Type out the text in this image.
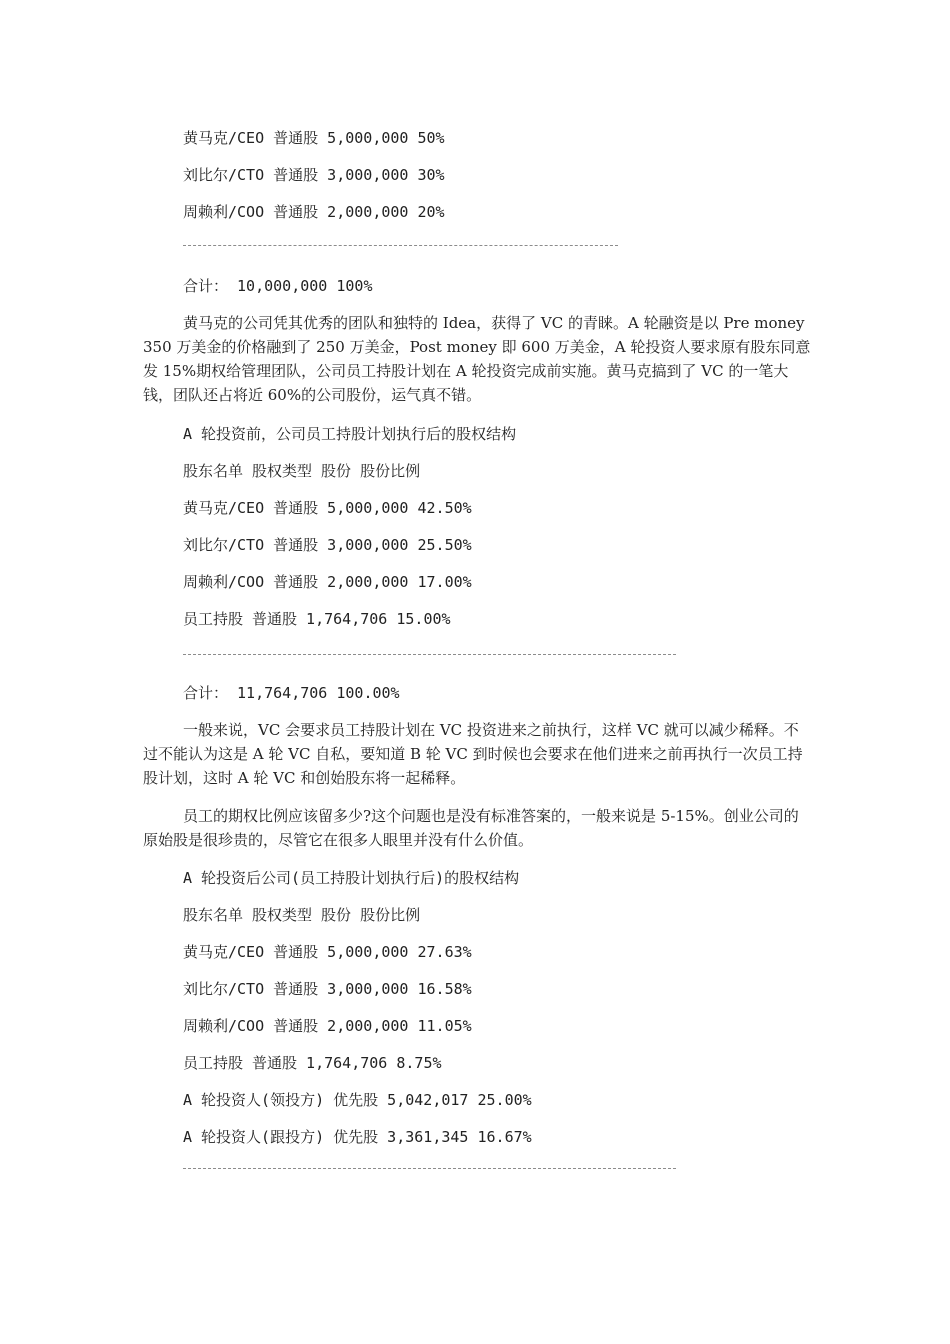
黄马克/CEO 普通股 5,000,000 50%
刘比尔/CTO 普通股 3,000,000 30%
周赖利/COO 普通股 2,000,000 20%
合计： 10,000,000 100%

黄马克的公司凭其优秀的团队和独特的 Idea，获得了 VC 的青睐。A 轮融资是以 Pre money 350 万美金的价格融到了 250 万美金，Post money 即 600 万美金，A 轮投资人要求原有股东同意发 15%期权给管理团队，公司员工持股计划在 A 轮投资完成前实施。黄马克搞到了 VC 的一笔大钱，团队还占将近 60%的公司股份，运气真不错。

A 轮投资前，公司员工持股计划执行后的股权结构
股东名单 股权类型 股份 股份比例
黄马克/CEO 普通股 5,000,000 42.50%
刘比尔/CTO 普通股 3,000,000 25.50%
周赖利/COO 普通股 2,000,000 17.00%
员工持股 普通股 1,764,706 15.00%
合计： 11,764,706 100.00%

一般来说，VC 会要求员工持股计划在 VC 投资进来之前执行，这样 VC 就可以减少稀释。不过不能认为这是 A 轮 VC 自私，要知道 B 轮 VC 到时候也会要求在他们进来之前再执行一次员工持股计划，这时 A 轮 VC 和创始股东将一起稀释。

员工的期权比例应该留多少?这个问题也是没有标准答案的，一般来说是 5-15%。创业公司的原始股是很珍贵的，尽管它在很多人眼里并没有什么价值。

A 轮投资后公司(员工持股计划执行后)的股权结构
股东名单 股权类型 股份 股份比例
黄马克/CEO 普通股 5,000,000 27.63%
刘比尔/CTO 普通股 3,000,000 16.58%
周赖利/COO 普通股 2,000,000 11.05%
员工持股 普通股 1,764,706 8.75%
A 轮投资人(领投方) 优先股 5,042,017 25.00%
A 轮投资人(跟投方) 优先股 3,361,345 16.67%
